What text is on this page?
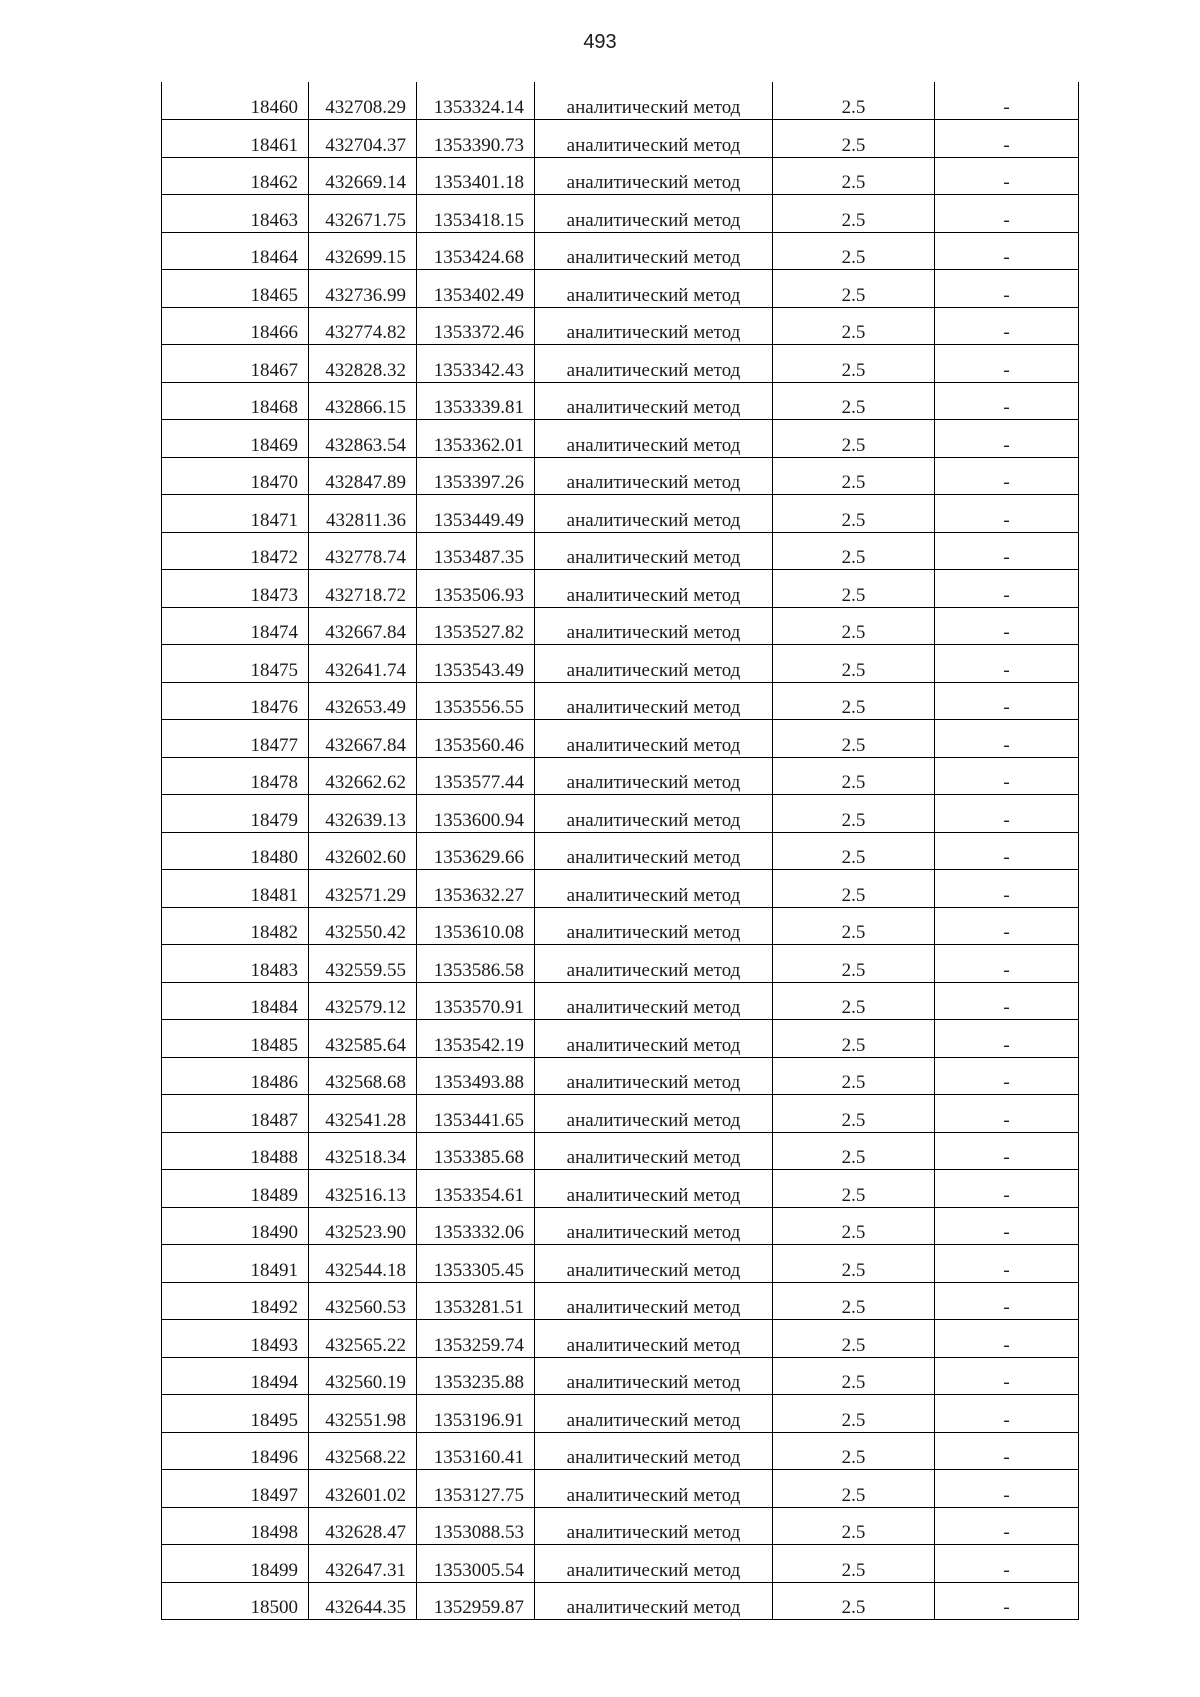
493
18460	432708.29	1353324.14	аналитический метод	2.5	-
18461	432704.37	1353390.73	аналитический метод	2.5	-
18462	432669.14	1353401.18	аналитический метод	2.5	-
18463	432671.75	1353418.15	аналитический метод	2.5	-
18464	432699.15	1353424.68	аналитический метод	2.5	-
18465	432736.99	1353402.49	аналитический метод	2.5	-
18466	432774.82	1353372.46	аналитический метод	2.5	-
18467	432828.32	1353342.43	аналитический метод	2.5	-
18468	432866.15	1353339.81	аналитический метод	2.5	-
18469	432863.54	1353362.01	аналитический метод	2.5	-
18470	432847.89	1353397.26	аналитический метод	2.5	-
18471	432811.36	1353449.49	аналитический метод	2.5	-
18472	432778.74	1353487.35	аналитический метод	2.5	-
18473	432718.72	1353506.93	аналитический метод	2.5	-
18474	432667.84	1353527.82	аналитический метод	2.5	-
18475	432641.74	1353543.49	аналитический метод	2.5	-
18476	432653.49	1353556.55	аналитический метод	2.5	-
18477	432667.84	1353560.46	аналитический метод	2.5	-
18478	432662.62	1353577.44	аналитический метод	2.5	-
18479	432639.13	1353600.94	аналитический метод	2.5	-
18480	432602.60	1353629.66	аналитический метод	2.5	-
18481	432571.29	1353632.27	аналитический метод	2.5	-
18482	432550.42	1353610.08	аналитический метод	2.5	-
18483	432559.55	1353586.58	аналитический метод	2.5	-
18484	432579.12	1353570.91	аналитический метод	2.5	-
18485	432585.64	1353542.19	аналитический метод	2.5	-
18486	432568.68	1353493.88	аналитический метод	2.5	-
18487	432541.28	1353441.65	аналитический метод	2.5	-
18488	432518.34	1353385.68	аналитический метод	2.5	-
18489	432516.13	1353354.61	аналитический метод	2.5	-
18490	432523.90	1353332.06	аналитический метод	2.5	-
18491	432544.18	1353305.45	аналитический метод	2.5	-
18492	432560.53	1353281.51	аналитический метод	2.5	-
18493	432565.22	1353259.74	аналитический метод	2.5	-
18494	432560.19	1353235.88	аналитический метод	2.5	-
18495	432551.98	1353196.91	аналитический метод	2.5	-
18496	432568.22	1353160.41	аналитический метод	2.5	-
18497	432601.02	1353127.75	аналитический метод	2.5	-
18498	432628.47	1353088.53	аналитический метод	2.5	-
18499	432647.31	1353005.54	аналитический метод	2.5	-
18500	432644.35	1352959.87	аналитический метод	2.5	-
